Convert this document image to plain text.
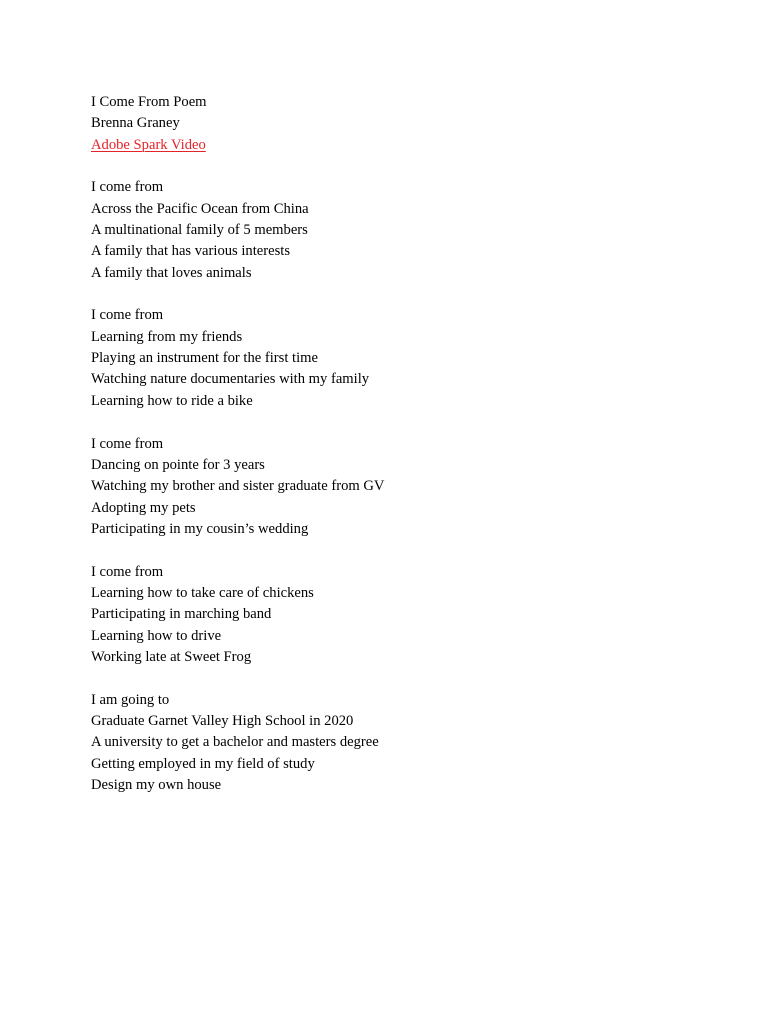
I Come From Poem
Brenna Graney
Adobe Spark Video
I come from
Across the Pacific Ocean from China
A multinational family of 5 members
A family that has various interests
A family that loves animals
I come from
Learning from my friends
Playing an instrument for the first time
Watching nature documentaries with my family
Learning how to ride a bike
I come from
Dancing on pointe for 3 years
Watching my brother and sister graduate from GV
Adopting my pets
Participating in my cousin’s wedding
I come from
Learning how to take care of chickens
Participating in marching band
Learning how to drive
Working late at Sweet Frog
I am going to
Graduate Garnet Valley High School in 2020
A university to get a bachelor and masters degree
Getting employed in my field of study
Design my own house
